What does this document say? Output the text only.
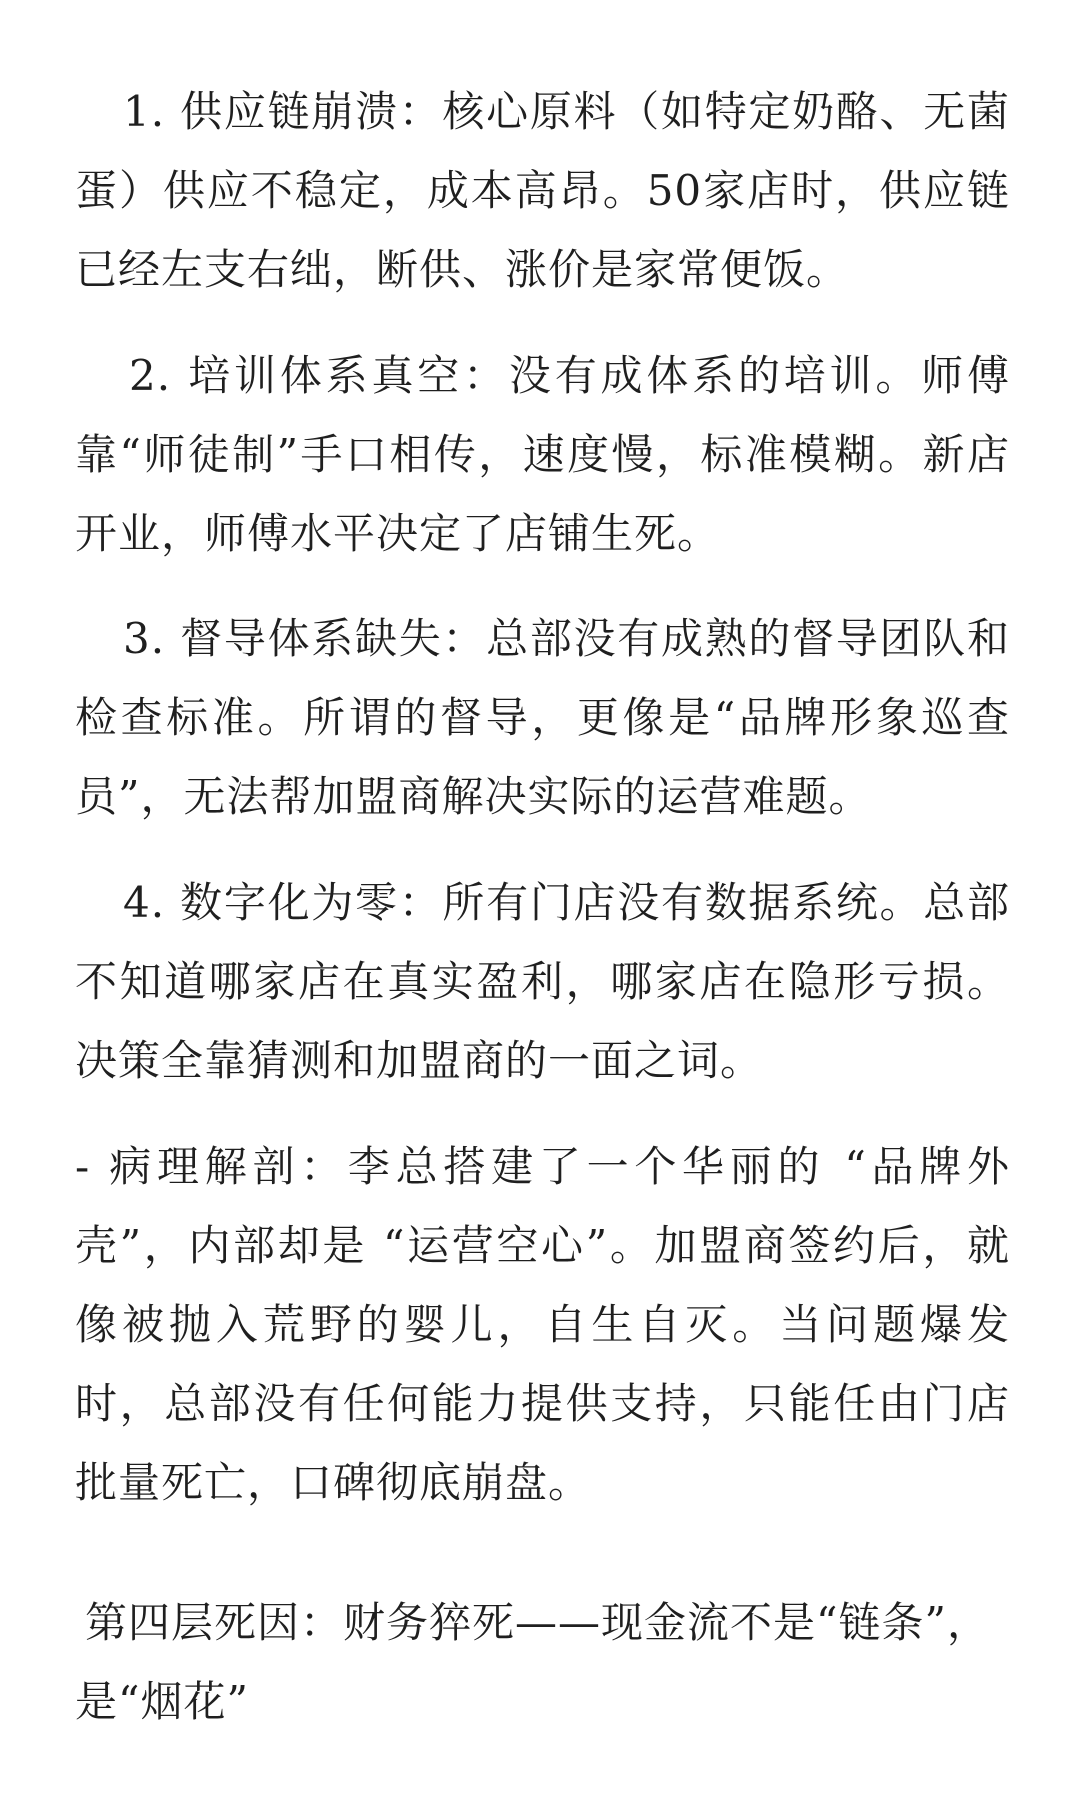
1. 供应链崩溃：核心原料（如特定奶酪、无菌蛋）供应不稳定，成本高昂。50家店时，供应链已经左支右绌，断供、涨价是家常便饭。

2. 培训体系真空：没有成体系的培训。师傅靠“师徒制”手口相传，速度慢，标准模糊。新店开业，师傅水平决定了店铺生死。

3. 督导体系缺失：总部没有成熟的督导团队和检查标准。所谓的督导，更像是“品牌形象巡查员”，无法帮加盟商解决实际的运营难题。

4. 数字化为零：所有门店没有数据系统。总部不知道哪家店在真实盈利，哪家店在隐形亏损。决策全靠猜测和加盟商的一面之词。

- 病理解剖：李总搭建了一个华丽的 “品牌外壳”，内部却是 “运营空心”。加盟商签约后，就像被抛入荒野的婴儿，自生自灭。当问题爆发时，总部没有任何能力提供支持，只能任由门店批量死亡，口碑彻底崩盘。

第四层死因：财务猝死——现金流不是“链条”，是“烟花”
